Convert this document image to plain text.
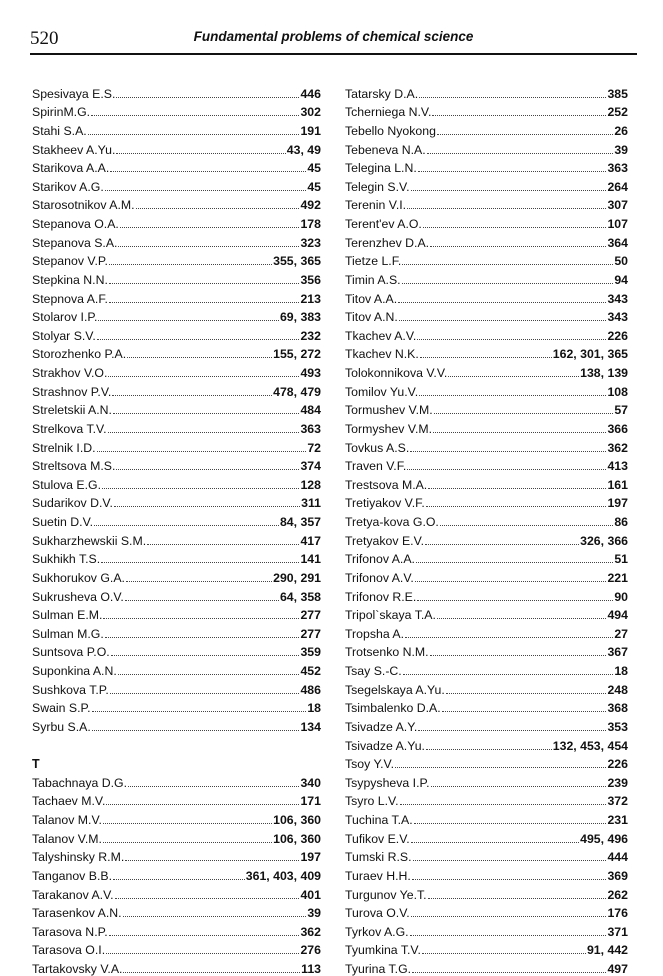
520	Fundamental problems of chemical science
Spesivaya E.S.	446
SpirinM.G.	302
Stahi S.A.	191
Stakheev A.Yu.	43, 49
Starikova A.A.	45
Starikov A.G.	45
Starosotnikov A.M.	492
Stepanova O.A.	178
Stepanova S.A.	323
Stepanov V.P.	355, 365
Stepkina N.N.	356
Stepnova A.F.	213
Stolarov I.P.	69, 383
Stolyar S.V.	232
Storozhenko P.A.	155, 272
Strakhov V.O.	493
Strashnov P.V.	478, 479
Streletskii A.N.	484
Strelkova T.V.	363
Strelnik I.D.	72
Streltsova M.S.	374
Stulova E.G.	128
Sudarikov D.V.	311
Suetin D.V.	84, 357
Sukharzhewskii S.M.	417
Sukhikh T.S.	141
Sukhorukov G.A.	290, 291
Sukrusheva O.V.	64, 358
Sulman E.M.	277
Sulman M.G.	277
Suntsova P.O.	359
Suponkina A.N.	452
Sushkova T.P.	486
Swain S.P.	18
Syrbu S.A.	134
T
Tabachnaya D.G.	340
Tachaev M.V.	171
Talanov M.V.	106, 360
Talanov V.M.	106, 360
Talyshinsky R.M.	197
Tanganov B.B.	361, 403, 409
Tarakanov A.V.	401
Tarasenkov A.N.	39
Tarasova N.P.	362
Tarasova O.I.	276
Tartakovsky V.A.	113
Tatarsky D.A.	385
Tcherniega N.V.	252
Tebello Nyokong	26
Tebeneva N.A.	39
Telegina L.N.	363
Telegin S.V.	264
Terenin V.I.	307
Terent'ev A.O.	107
Terenzhev D.A.	364
Tietze L.F.	50
Timin A.S.	94
Titov A.A.	343
Titov A.N.	343
Tkachev A.V.	226
Tkachev N.K.	162, 301, 365
Tolokonnikova V.V.	138, 139
Tomilov Yu.V.	108
Tormushev V.M.	57
Tormyshev V.M.	366
Tovkus A.S.	362
Traven V.F.	413
Trestsova M.A.	161
Tretiyakov V.F.	197
Tretya-kova G.O.	86
Tretyakov E.V.	326, 366
Trifonov A.A.	51
Trifonov A.V.	221
Trifonov R.E.	90
Tripol`skaya T.A.	494
Tropsha A.	27
Trotsenko N.M.	367
Tsay S.-C.	18
Tsegelskaya A.Yu.	248
Tsimbalenko D.A.	368
Tsivadze A.Y.	353
Tsivadze A.Yu.	132, 453, 454
Tsoy Y.V.	226
Tsypysheva I.P.	239
Tsyro L.V.	372
Tuchina T.A.	231
Tufikov E.V.	495, 496
Tumski R.S.	444
Turaev H.H.	369
Turgunov Ye.T.	262
Turova O.V.	176
Tyrkov A.G.	371
Tyumkina T.V.	91, 442
Tyurina T.G.	497
